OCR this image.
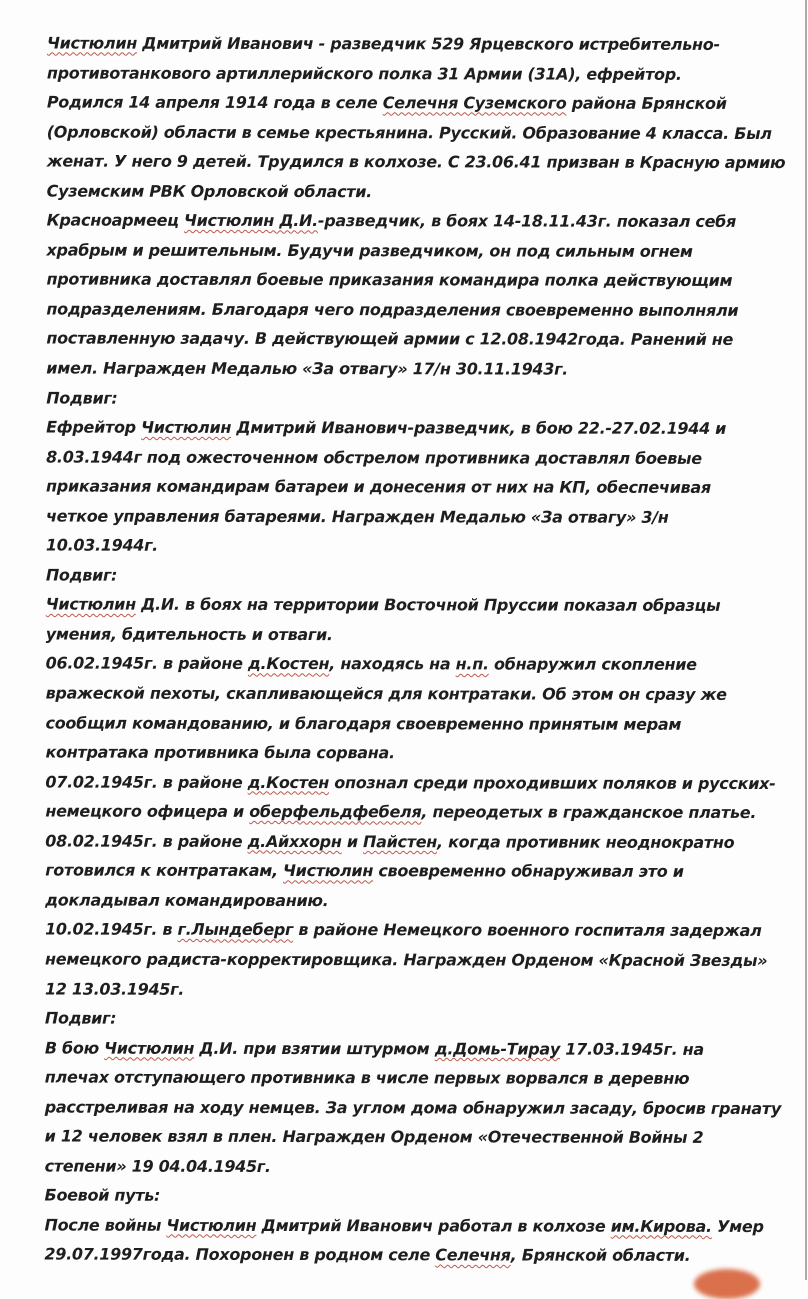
Чистюлин Дмитрий Иванович - разведчик 529 Ярцевского истребительно-
противотанкового артиллерийского полка 31 Армии (31А), ефрейтор.
Родился 14 апреля 1914 года в селе Селечня Суземского района Брянской
(Орловской) области в семье крестьянина. Русский. Образование 4 класса. Был
женат. У него 9 детей. Трудился в колхозе. С 23.06.41 призван в Красную армию
Суземским РВК Орловской области.
Красноармеец Чистюлин Д.И.-разведчик, в боях 14-18.11.43г. показал себя
храбрым и решительным. Будучи разведчиком, он под сильным огнем
противника доставлял боевые приказания командира полка действующим
подразделениям. Благодаря чего подразделения своевременно выполняли
поставленную задачу. В действующей армии с 12.08.1942года. Ранений не
имел. Награжден Медалью «За отвагу» 17/н 30.11.1943г.
Подвиг:
Ефрейтор Чистюлин Дмитрий Иванович-разведчик, в бою 22.-27.02.1944 и
8.03.1944г под ожесточенном обстрелом противника доставлял боевые
приказания командирам батареи и донесения от них на КП, обеспечивая
четкое управления батареями. Награжден Медалью «За отвагу» 3/н
10.03.1944г.
Подвиг:
Чистюлин Д.И. в боях на территории Восточной Пруссии показал образцы
умения, бдительность и отваги.
06.02.1945г. в районе д.Костен, находясь на н.п. обнаружил скопление
вражеской пехоты, скапливающейся для контратаки. Об этом он сразу же
сообщил командованию, и благодаря своевременно принятым мерам
контратака противника была сорвана.
07.02.1945г. в районе д.Костен опознал среди проходивших поляков и русских-
немецкого офицера и оберфельдфебеля, переодетых в гражданское платье.
08.02.1945г. в районе д.Айххорн и Пайстен, когда противник неоднократно
готовился к контратакам, Чистюлин своевременно обнаруживал это и
докладывал командированию.
10.02.1945г. в г.Лындеберг в районе Немецкого военного госпиталя задержал
немецкого радиста-корректировщика. Награжден Орденом «Красной Звезды»
12 13.03.1945г.
Подвиг:
В бою Чистюлин Д.И. при взятии штурмом д.Домь-Тирау 17.03.1945г. на
плечах отступающего противника в числе первых ворвался в деревню
расстреливая на ходу немцев. За углом дома обнаружил засаду, бросив гранату
и 12 человек взял в плен. Награжден Орденом «Отечественной Войны 2
степени» 19 04.04.1945г.
Боевой путь:
После войны Чистюлин Дмитрий Иванович работал в колхозе им.Кирова. Умер
29.07.1997года. Похоронен в родном селе Селечня, Брянской области.
